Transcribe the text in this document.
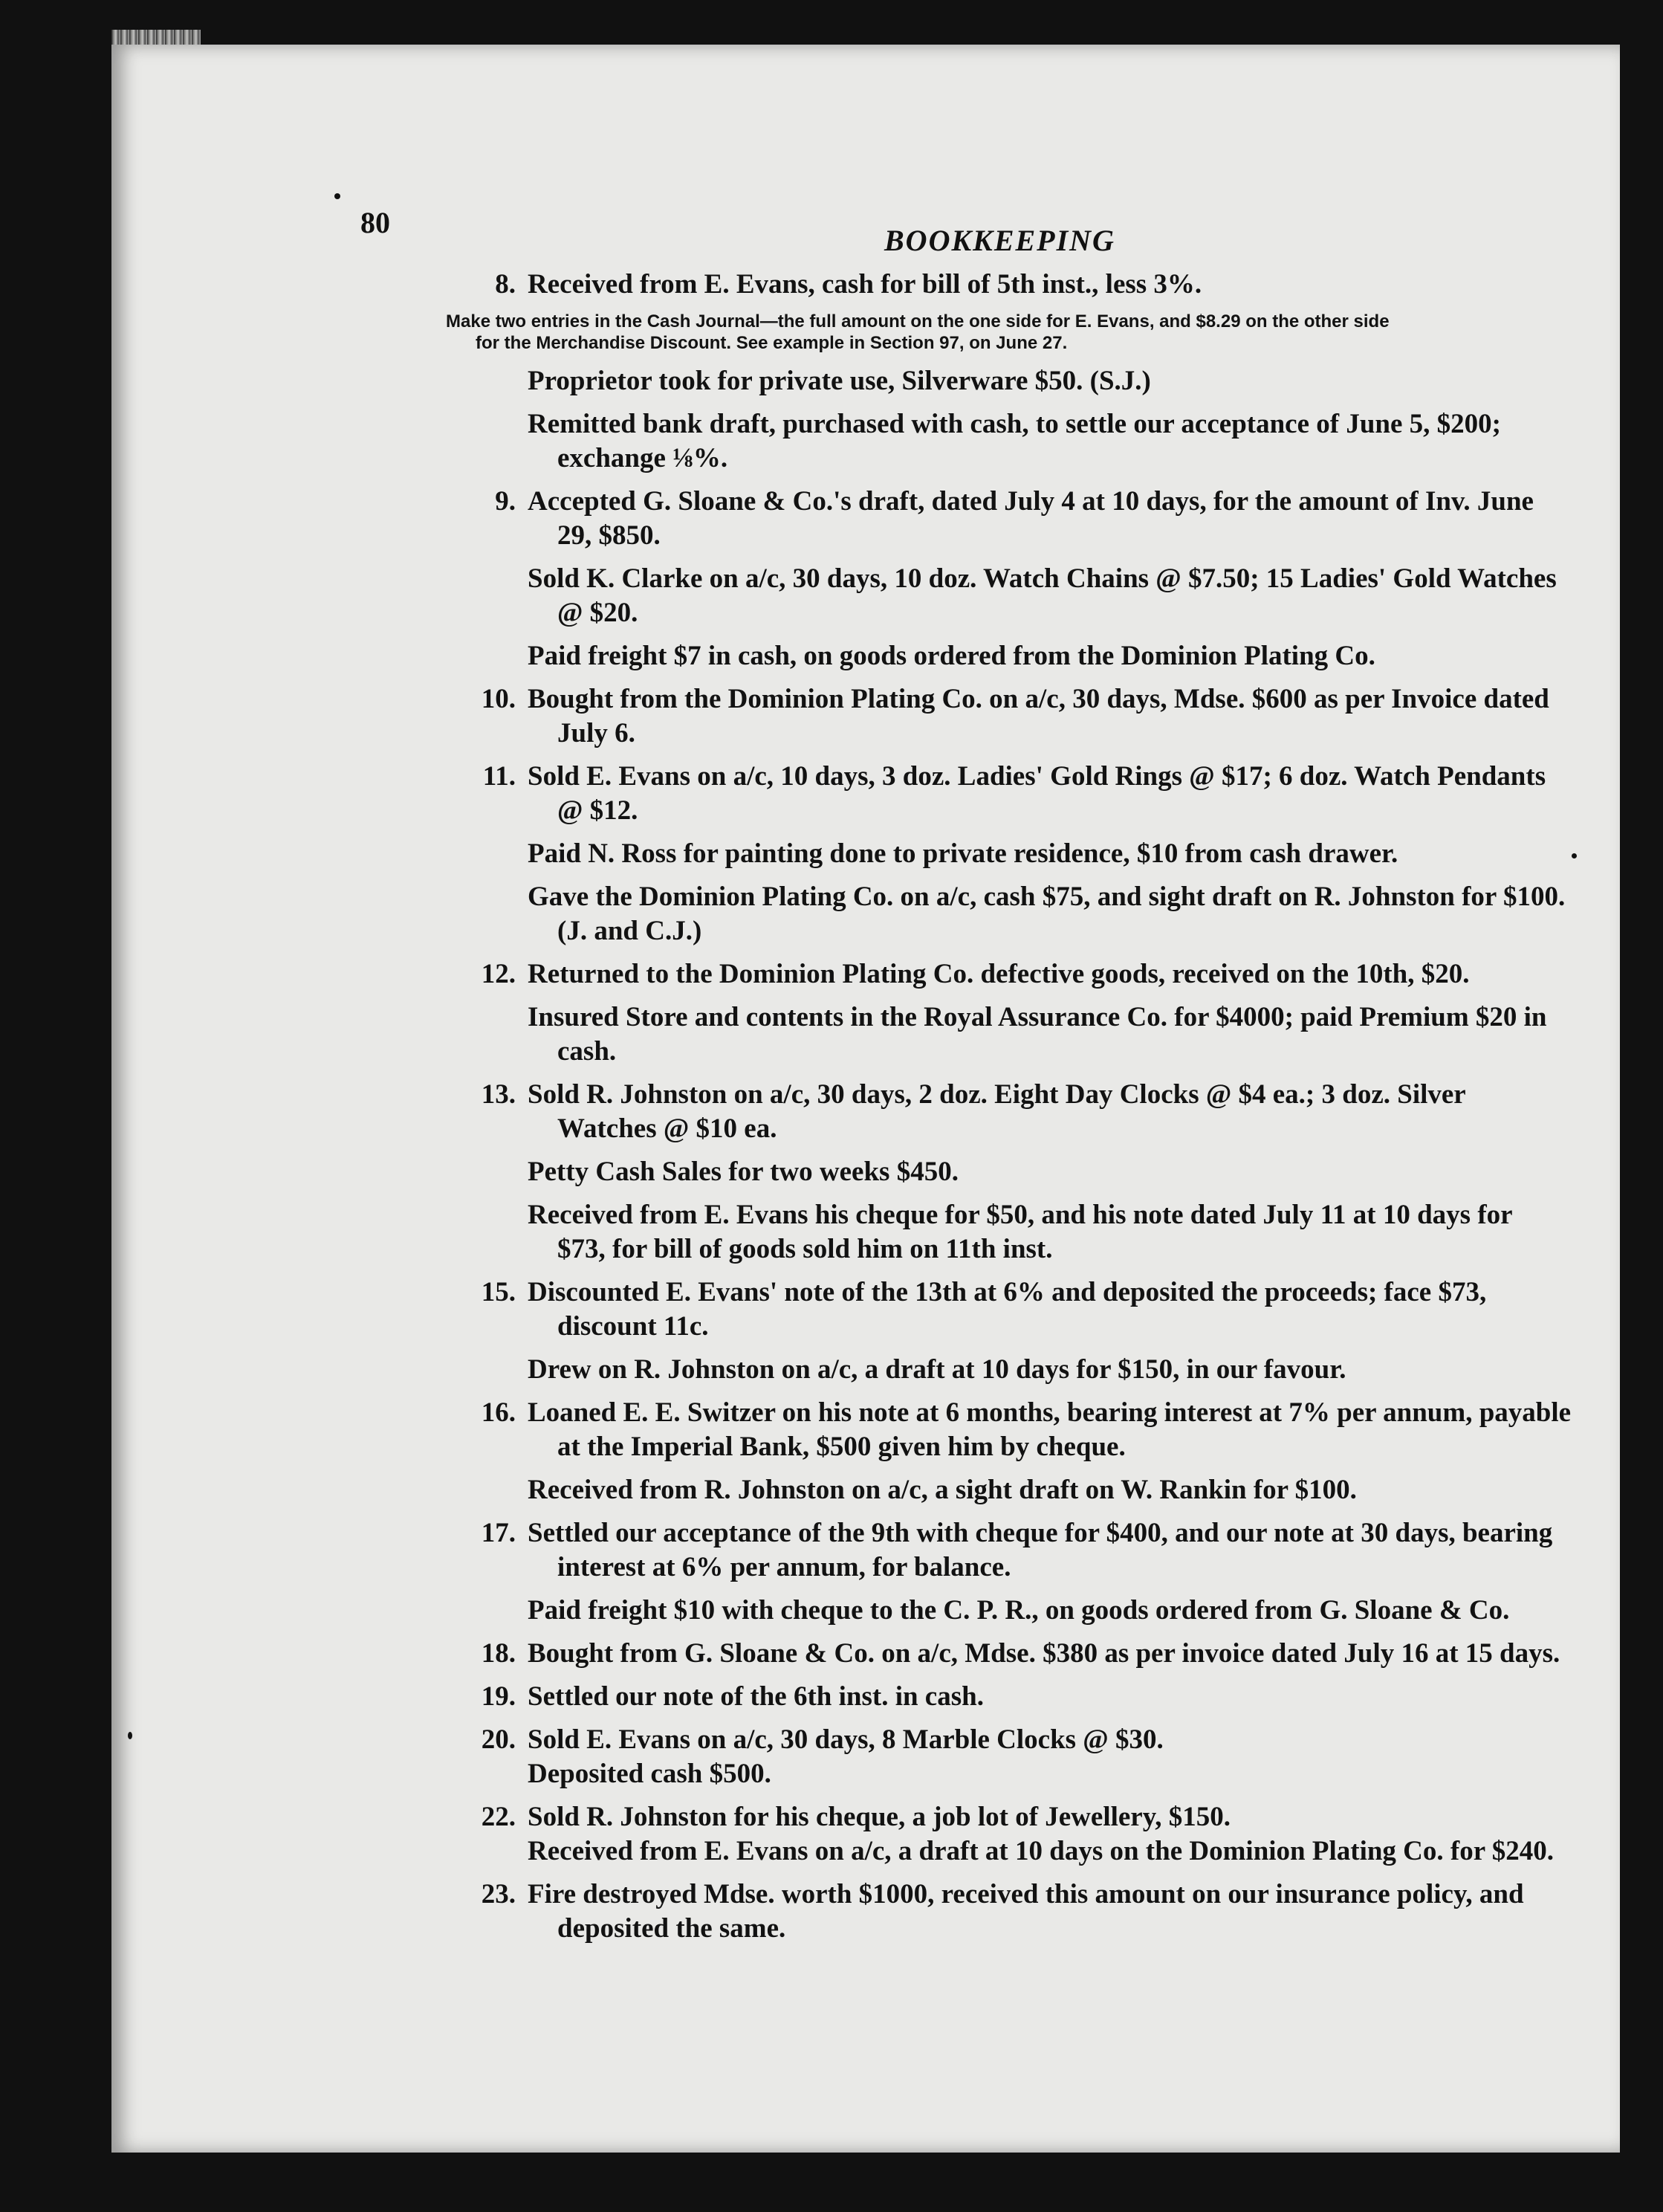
80
BOOKKEEPING
8. Received from E. Evans, cash for bill of 5th inst., less 3%.
Make two entries in the Cash Journal—the full amount on the one side for E. Evans, and $8.29 on the other side
for the Merchandise Discount. See example in Section 97, on June 27.
Proprietor took for private use, Silverware $50. (S.J.)
Remitted bank draft, purchased with cash, to settle our acceptance of June 5, $200;
exchange ⅛%.
9. Accepted G. Sloane & Co.'s draft, dated July 4 at 10 days, for the amount of Inv. June
29, $850.
Sold K. Clarke on a/c, 30 days, 10 doz. Watch Chains @ $7.50; 15 Ladies' Gold Watches
@ $20.
Paid freight $7 in cash, on goods ordered from the Dominion Plating Co.
10. Bought from the Dominion Plating Co. on a/c, 30 days, Mdse. $600 as per Invoice dated
July 6.
11. Sold E. Evans on a/c, 10 days, 3 doz. Ladies' Gold Rings @ $17; 6 doz. Watch Pendants
@ $12.
Paid N. Ross for painting done to private residence, $10 from cash drawer.
Gave the Dominion Plating Co. on a/c, cash $75, and sight draft on R. Johnston for $100.
(J. and C.J.)
12. Returned to the Dominion Plating Co. defective goods, received on the 10th, $20.
Insured Store and contents in the Royal Assurance Co. for $4000; paid Premium $20 in
cash.
13. Sold R. Johnston on a/c, 30 days, 2 doz. Eight Day Clocks @ $4 ea.; 3 doz. Silver
Watches @ $10 ea.
Petty Cash Sales for two weeks $450.
Received from E. Evans his cheque for $50, and his note dated July 11 at 10 days for
$73, for bill of goods sold him on 11th inst.
15. Discounted E. Evans' note of the 13th at 6% and deposited the proceeds; face $73,
discount 11c.
Drew on R. Johnston on a/c, a draft at 10 days for $150, in our favour.
16. Loaned E. E. Switzer on his note at 6 months, bearing interest at 7% per annum, payable
at the Imperial Bank, $500 given him by cheque.
Received from R. Johnston on a/c, a sight draft on W. Rankin for $100.
17. Settled our acceptance of the 9th with cheque for $400, and our note at 30 days, bearing
interest at 6% per annum, for balance.
Paid freight $10 with cheque to the C. P. R., on goods ordered from G. Sloane & Co.
18. Bought from G. Sloane & Co. on a/c, Mdse. $380 as per invoice dated July 16 at 15 days.
19. Settled our note of the 6th inst. in cash.
20. Sold E. Evans on a/c, 30 days, 8 Marble Clocks @ $30.
Deposited cash $500.
22. Sold R. Johnston for his cheque, a job lot of Jewellery, $150.
Received from E. Evans on a/c, a draft at 10 days on the Dominion Plating Co. for $240.
23. Fire destroyed Mdse. worth $1000, received this amount on our insurance policy, and
deposited the same.
